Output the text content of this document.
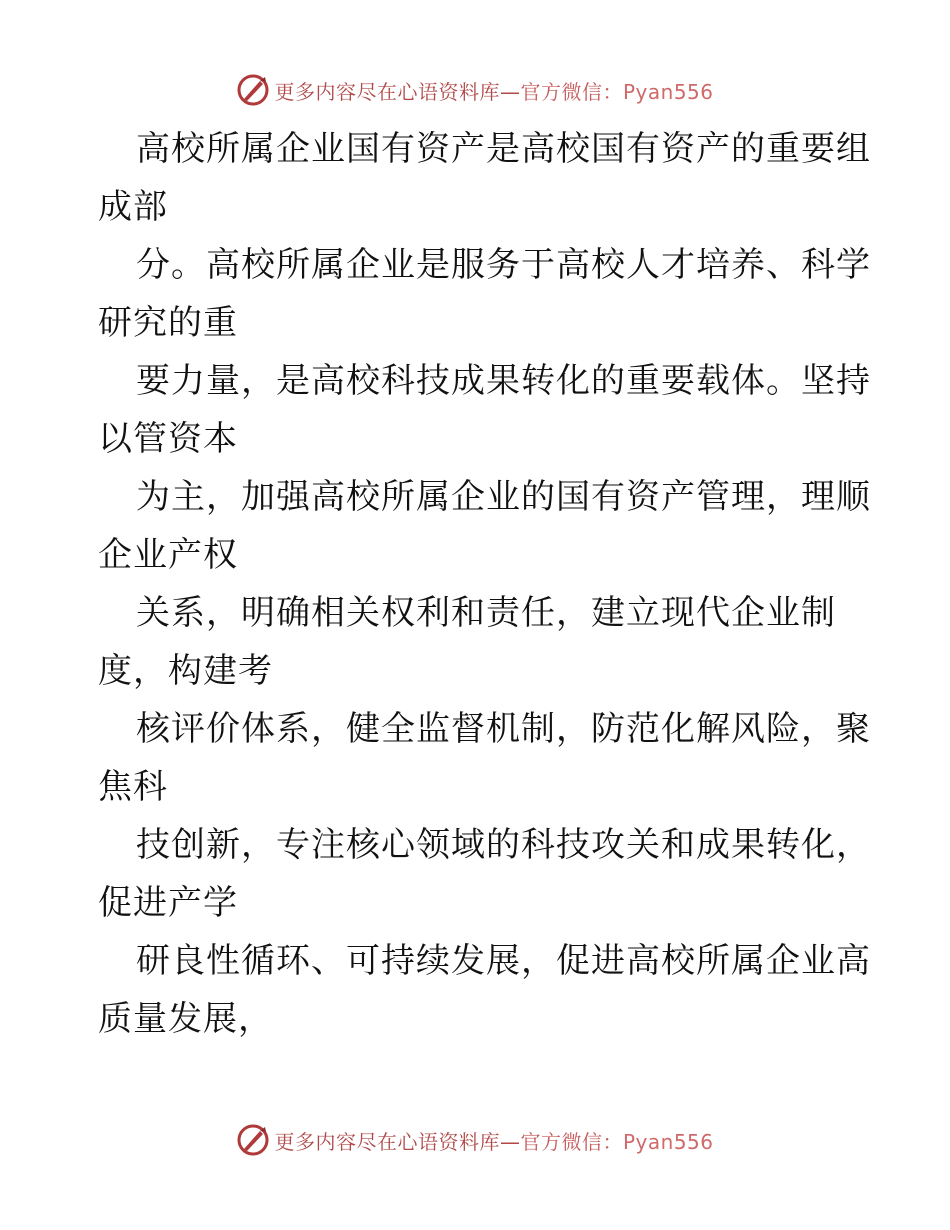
更多内容尽在心语资料库—官方微信：Pyan556
高校所属企业国有资产是高校国有资产的重要组
成部
分。高校所属企业是服务于高校人才培养、科学
研究的重
要力量，是高校科技成果转化的重要载体。坚持
以管资本
为主，加强高校所属企业的国有资产管理，理顺
企业产权
关系，明确相关权利和责任，建立现代企业制
度，构建考
核评价体系，健全监督机制，防范化解风险，聚
焦科
技创新，专注核心领域的科技攻关和成果转化，
促进产学
研良性循环、可持续发展，促进高校所属企业高
质量发展，
更多内容尽在心语资料库—官方微信：Pyan556
